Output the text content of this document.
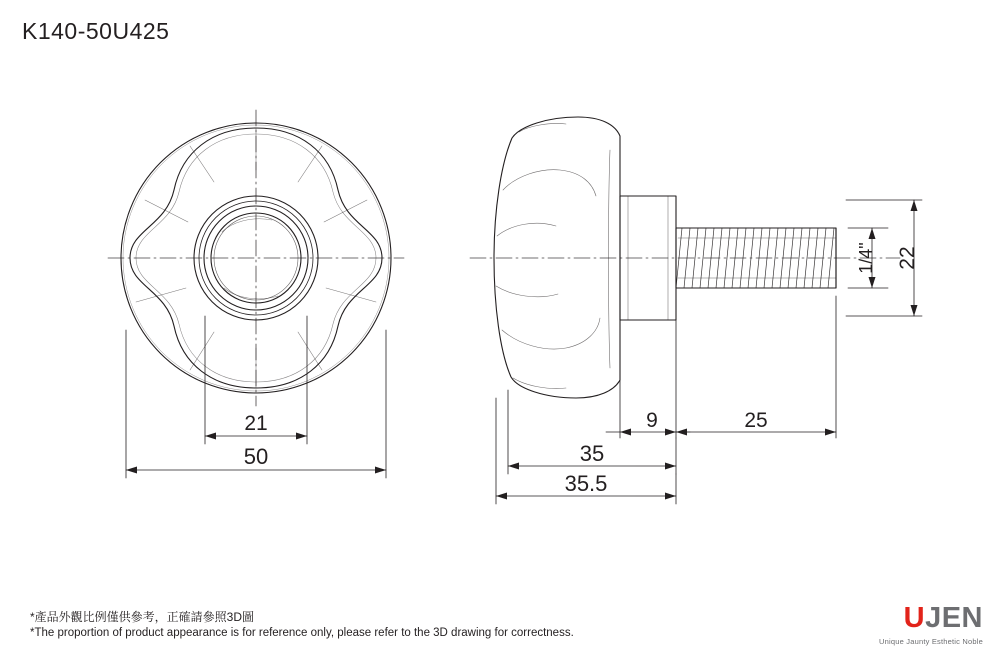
K140-50U425
21
50
1/4" 22
9	25
35
35.5
*產品外觀比例僅供參考，正確請參照3D圖
*The proportion of product appearance is for reference only, please refer to the 3D drawing for correctness.	UJEN
Unique Jaunty Esthetic Noble
